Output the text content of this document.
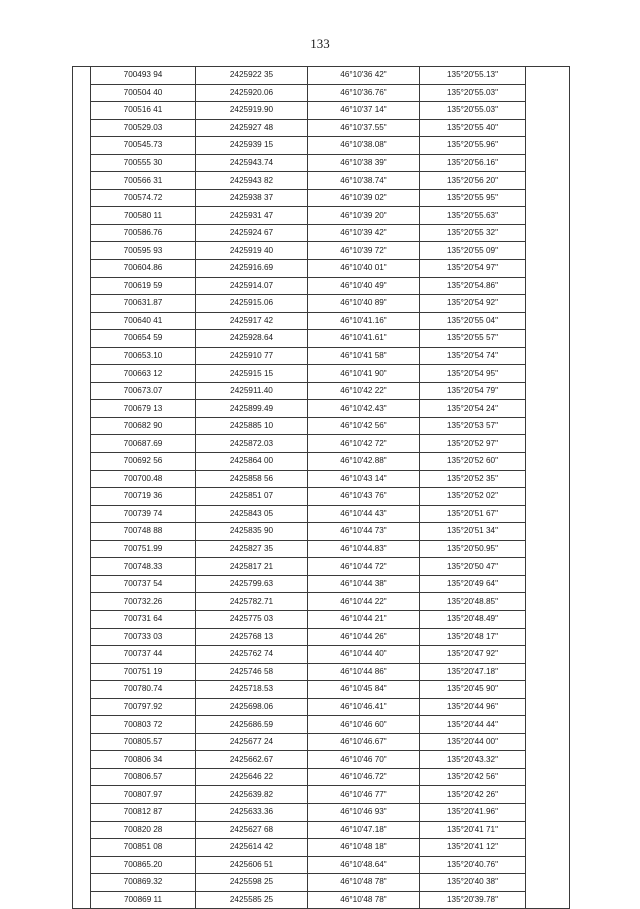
133
	700493 94	2425922 35	46°10'36 42"	135°20'55.13"	
	700504 40	2425920.06	46°10'36.76"	135°20'55.03"	
	700516 41	2425919.90	46°10'37 14"	135°20'55.03"	
	700529.03	2425927 48	46°10'37.55"	135°20'55 40"	
	700545.73	2425939 15	46°10'38.08"	135°20'55.96"	
	700555 30	2425943.74	46°10'38 39"	135°20'56.16"	
	700566 31	2425943 82	46°10'38.74"	135°20'56 20"	
	700574.72	2425938 37	46°10'39 02"	135°20'55 95"	
	700580 11	2425931 47	46°10'39 20"	135°20'55.63"	
	700586.76	2425924 67	46°10'39 42"	135°20'55 32"	
	700595 93	2425919 40	46°10'39 72"	135°20'55 09"	
	700604.86	2425916.69	46°10'40 01"	135°20'54 97"	
	700619 59	2425914.07	46°10'40 49"	135°20'54.86"	
	700631.87	2425915.06	46°10'40 89"	135°20'54 92"	
	700640 41	2425917 42	46°10'41.16"	135°20'55 04"	
	700654 59	2425928.64	46°10'41.61"	135°20'55 57"	
	700653.10	2425910 77	46°10'41 58"	135°20'54 74"	
	700663 12	2425915 15	46°10'41 90"	135°20'54 95"	
	700673.07	2425911.40	46°10'42 22"	135°20'54 79"	
	700679 13	2425899.49	46°10'42.43"	135°20'54 24"	
	700682 90	2425885 10	46°10'42 56"	135°20'53 57"	
	700687.69	2425872.03	46°10'42 72"	135°20'52 97"	
	700692 56	2425864 00	46°10'42.88"	135°20'52 60"	
	700700.48	2425858 56	46°10'43 14"	135°20'52 35"	
	700719 36	2425851 07	46°10'43 76"	135°20'52 02"	
	700739 74	2425843 05	46°10'44 43"	135°20'51 67"	
	700748 88	2425835 90	46°10'44 73"	135°20'51 34"	
	700751.99	2425827 35	46°10'44.83"	135°20'50.95"	
	700748.33	2425817 21	46°10'44 72"	135°20'50 47"	
	700737 54	2425799.63	46°10'44 38"	135°20'49 64"	
	700732.26	2425782.71	46°10'44 22"	135°20'48.85"	
	700731 64	2425775 03	46°10'44 21"	135°20'48.49"	
	700733 03	2425768 13	46°10'44 26"	135°20'48 17"	
	700737 44	2425762 74	46°10'44 40"	135°20'47 92"	
	700751 19	2425746 58	46°10'44 86"	135°20'47.18"	
	700780.74	2425718.53	46°10'45 84"	135°20'45 90"	
	700797.92	2425698.06	46°10'46.41"	135°20'44 96"	
	700803 72	2425686.59	46°10'46 60"	135°20'44 44"	
	700805.57	2425677 24	46°10'46.67"	135°20'44 00"	
	700806 34	2425662.67	46°10'46 70"	135°20'43.32"	
	700806.57	2425646 22	46°10'46.72"	135°20'42 56"	
	700807.97	2425639.82	46°10'46 77"	135°20'42 26"	
	700812 87	2425633.36	46°10'46 93"	135°20'41.96"	
	700820 28	2425627 68	46°10'47.18"	135°20'41 71"	
	700851 08	2425614 42	46°10'48 18"	135°20'41 12"	
	700865.20	2425606 51	46°10'48.64"	135°20'40.76"	
	700869.32	2425598 25	46°10'48 78"	135°20'40 38"	
	700869 11	2425585 25	46°10'48 78"	135°20'39.78"	
